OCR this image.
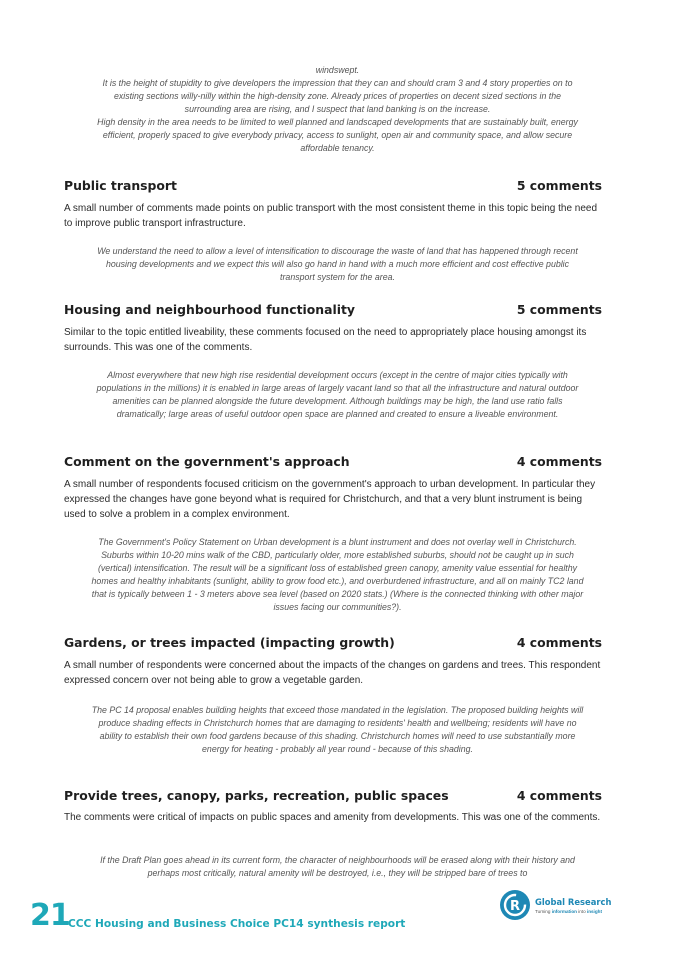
windswept.

It is the height of stupidity to give developers the impression that they can and should cram 3 and 4 story properties on to existing sections willy-nilly within the high-density zone. Already prices of properties on decent sized sections in the surrounding area are rising, and I suspect that land banking is on the increase.

High density in the area needs to be limited to well planned and landscaped developments that are sustainably built, energy efficient, properly spaced to give everybody privacy, access to sunlight, open air and community space, and allow secure affordable tenancy.

Public transport	5 comments
A small number of comments made points on public transport with the most consistent theme in this topic being the need to improve public transport infrastructure.
We understand the need to allow a level of intensification to discourage the waste of land that has happened through recent housing developments and we expect this will also go hand in hand with a much more efficient and cost effective public transport system for the area.
Housing and neighbourhood functionality	5 comments
Similar to the topic entitled liveability, these comments focused on the need to appropriately place housing amongst its surrounds. This was one of the comments.
Almost everywhere that new high rise residential development occurs (except in the centre of major cities typically with populations in the millions) it is enabled in large areas of largely vacant land so that all the infrastructure and natural outdoor amenities can be planned alongside the future development. Although buildings may be high, the land use ratio falls dramatically; large areas of useful outdoor open space are planned and created to ensure a liveable environment.
Comment on the government's approach	4 comments
A small number of respondents focused criticism on the government's approach to urban development. In particular they expressed the changes have gone beyond what is required for Christchurch, and that a very blunt instrument is being used to solve a problem in a complex environment.
The Government's Policy Statement on Urban development is a blunt instrument and does not overlay well in Christchurch. Suburbs within 10-20 mins walk of the CBD, particularly older, more established suburbs, should not be caught up in such (vertical) intensification. The result will be a significant loss of established green canopy, amenity value essential for healthy homes and healthy inhabitants (sunlight, ability to grow food etc.), and overburdened infrastructure, and all on mainly TC2 land that is typically between 1 - 3 meters above sea level (based on 2020 stats.) (Where is the connected thinking with other major issues facing our communities?).
Gardens, or trees impacted (impacting growth)	4 comments
A small number of respondents were concerned about the impacts of the changes on gardens and trees. This respondent expressed concern over not being able to grow a vegetable garden.
The PC 14 proposal enables building heights that exceed those mandated in the legislation. The proposed building heights will produce shading effects in Christchurch homes that are damaging to residents' health and wellbeing; residents will have no ability to establish their own food gardens because of this shading. Christchurch homes will need to use substantially more energy for heating - probably all year round - because of this shading.
Provide trees, canopy, parks, recreation, public spaces	4 comments
The comments were critical of impacts on public spaces and amenity from developments. This was one of the comments.
If the Draft Plan goes ahead in its current form, the character of neighbourhoods will be erased along with their history and perhaps most critically, natural amenity will be destroyed, i.e., they will be stripped bare of trees to
21
CCC Housing and Business Choice PC14 synthesis report
R Global Research
Turning information into insight
